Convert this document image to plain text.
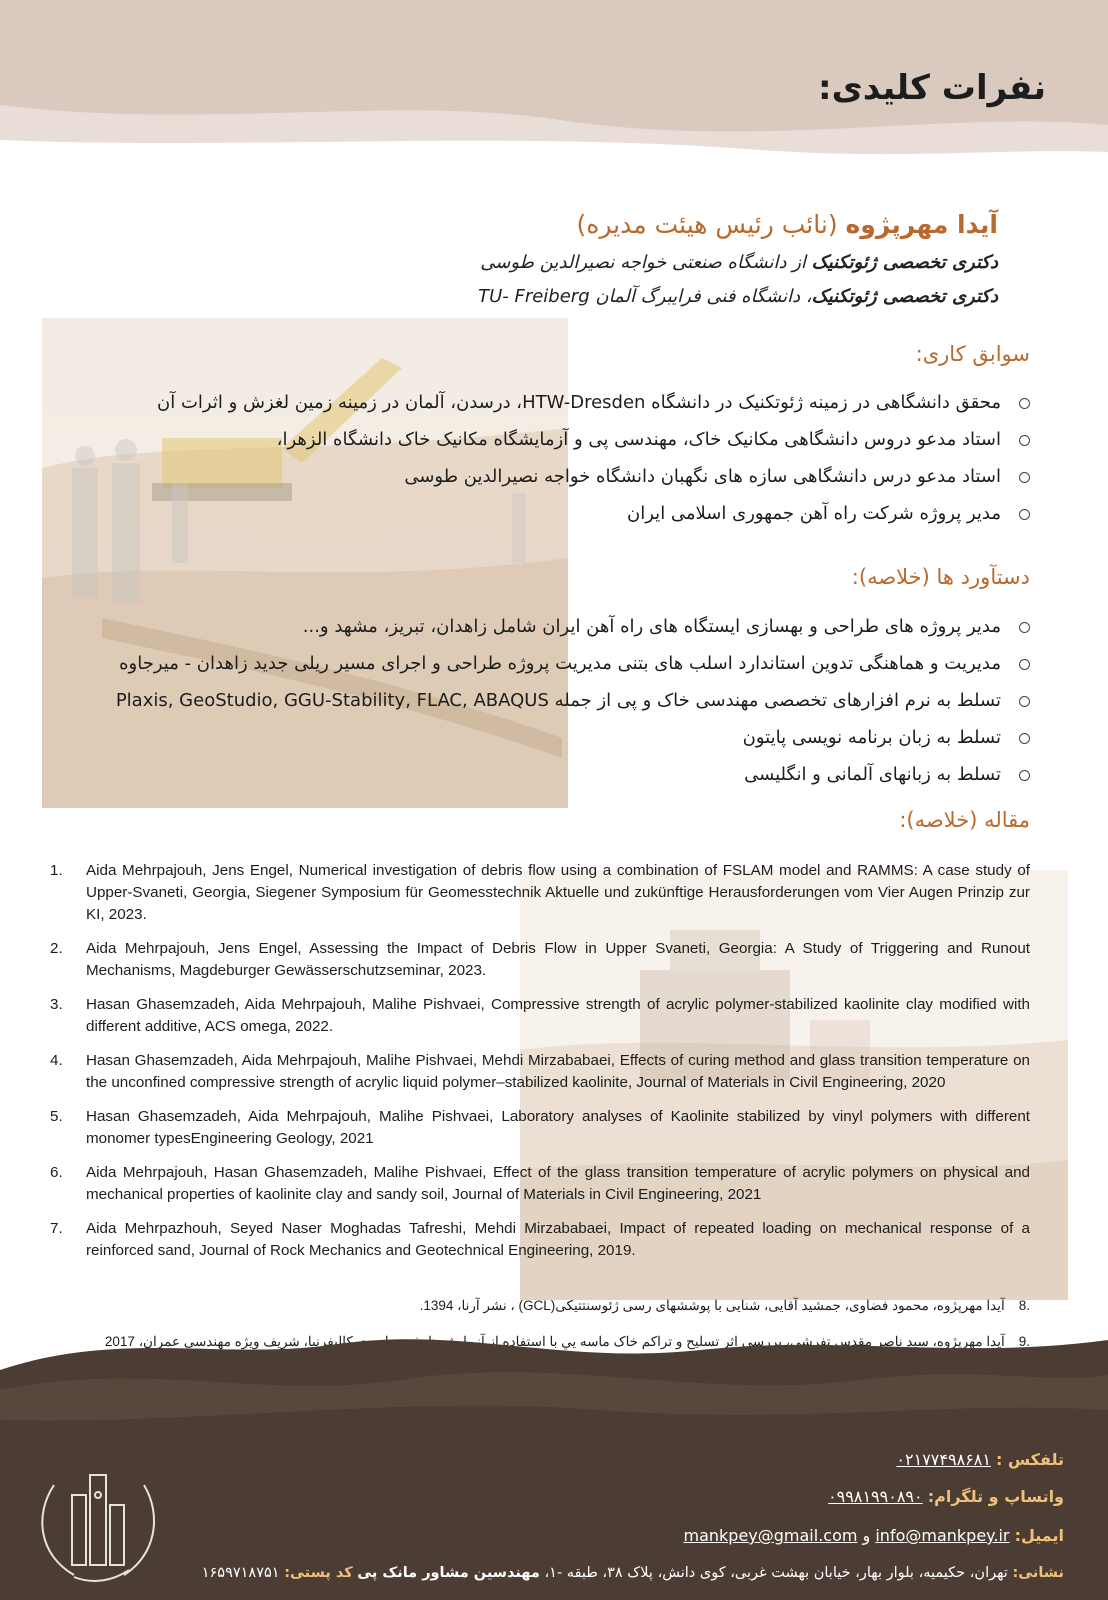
نفرات کلیدی:
آیدا مهرپژوه (نائب رئیس هیئت مدیره)
دکتری تخصصی ژئوتکنیک از دانشگاه صنعتی خواجه نصیرالدین طوسی
دکتری تخصصی ژئوتکنیک، دانشگاه فنی فرایبرگ آلمان TU- Freiberg
سوابق کاری:
محقق دانشگاهی در زمینه ژئوتکنیک در دانشگاه HTW-Dresden، درسدن، آلمان در زمینه زمین لغزش و اثرات آن
استاد مدعو دروس دانشگاهی مکانیک خاک، مهندسی پی و آزمایشگاه مکانیک خاک دانشگاه الزهرا،
استاد مدعو درس دانشگاهی سازه های نگهبان دانشگاه خواجه نصیرالدین طوسی
مدیر پروژه شرکت راه آهن جمهوری اسلامی ایران
دستآورد ها (خلاصه):
مدیر پروژه های طراحی و بهسازی ایستگاه های راه آهن ایران شامل زاهدان، تبریز، مشهد و...
مدیریت و هماهنگی تدوین استاندارد اسلب های بتنی مدیریت پروژه طراحی و اجرای مسیر ریلی جدید زاهدان - میرجاوه
تسلط به نرم افزارهای تخصصی مهندسی خاک و پی از جمله Plaxis, GeoStudio, GGU-Stability, FLAC, ABAQUS
تسلط به زبان برنامه نویسی پایتون
تسلط به زبانهای آلمانی و انگلیسی
مقاله (خلاصه):
1.	Aida Mehrpajouh, Jens Engel, Numerical investigation of debris flow using a combination of FSLAM model and RAMMS: A case study of Upper-Svaneti, Georgia, Siegener Symposium für Geomesstechnik Aktuelle und zukünftige Herausforderungen vom Vier Augen Prinzip zur KI, 2023.
2.	Aida Mehrpajouh, Jens Engel, Assessing the Impact of Debris Flow in Upper Svaneti, Georgia: A Study of Triggering and Runout Mechanisms, Magdeburger Gewässerschutzseminar, 2023.
3.	Hasan Ghasemzadeh, Aida Mehrpajouh, Malihe Pishvaei, Compressive strength of acrylic polymer-stabilized kaolinite clay modified with different additive, ACS omega, 2022.
4.	Hasan Ghasemzadeh, Aida Mehrpajouh, Malihe Pishvaei, Mehdi Mirzababaei, Effects of curing method and glass transition temperature on the unconfined compressive strength of acrylic liquid polymer–stabilized kaolinite, Journal of Materials in Civil Engineering, 2020
5.	Hasan Ghasemzadeh, Aida Mehrpajouh, Malihe Pishvaei, Laboratory analyses of Kaolinite stabilized by vinyl polymers with different monomer typesEngineering Geology, 2021
6.	Aida Mehrpajouh, Hasan Ghasemzadeh, Malihe Pishvaei, Effect of the glass transition temperature of acrylic polymers on physical and mechanical properties of kaolinite clay and sandy soil, Journal of Materials in Civil Engineering, 2021
7.	Aida Mehrpazhouh, Seyed Naser Moghadas Tafreshi, Mehdi Mirzababaei, Impact of repeated loading on mechanical response of a reinforced sand, Journal of Rock Mechanics and Geotechnical Engineering, 2019.
.8آیدا مهرپژوه، محمود فضاوی، جمشید آقایی، شنایی با پوششهای رسی ژئوسنتتیکی(GCL) ، نشر آرنا، 1394.
.9آیدا مهرپژوه، سید ناصر مقدس تفرشی، بررسي اثر تسلیح و تراکم خاک ماسه يي با استفاده از آزمایش ظرفیت باربري کالیفرنیا، شریف ویژه مهندسی عمران، 2017
تلفکس : ۰۲۱۷۷۴۹۸۶۸۱
واتساپ و تلگرام: ۰۹۹۸۱۹۹۰۸۹۰
ایمیل: info@mankpey.ir و mankpey@gmail.com
نشانی: تهران، حکیمیه، بلوار بهار، خیابان بهشت غربی، کوی دانش، پلاک ۳۸، طبقه -۱، مهندسین مشاور مانک پی کد پستی: ۱۶۵۹۷۱۸۷۵۱
